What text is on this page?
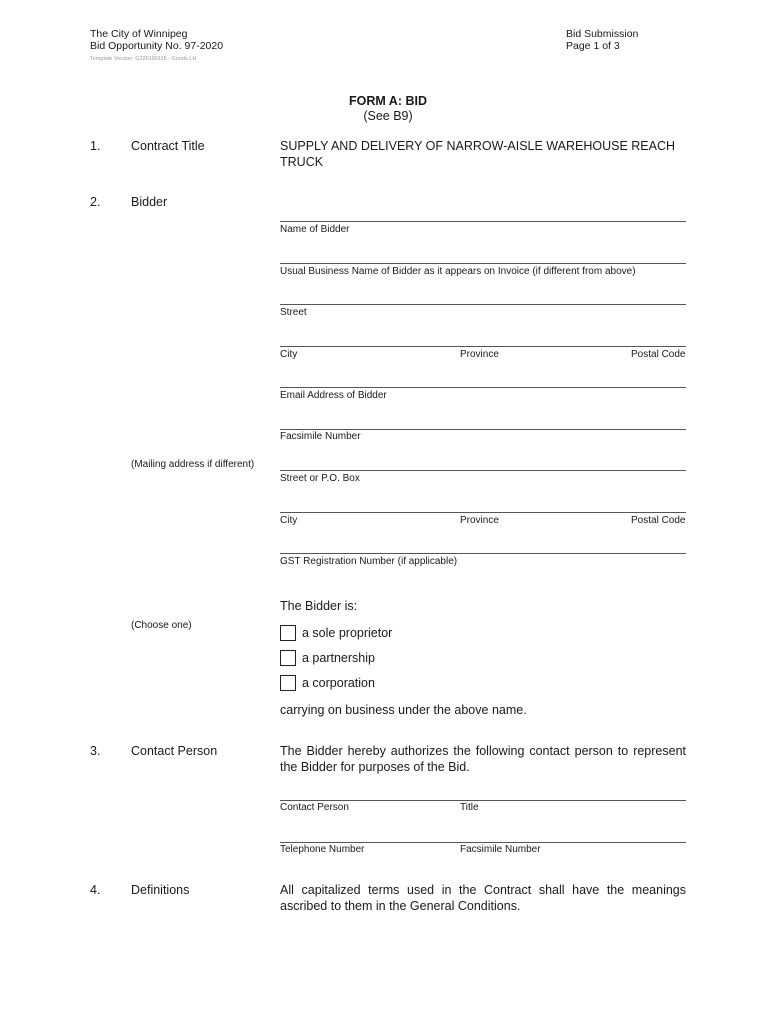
The City of Winnipeg
Bid Opportunity No. 97-2020
Template Version: G320190115 - Goods LH
Bid Submission
Page 1 of 3
FORM A: BID
(See B9)
1. Contract Title	SUPPLY AND DELIVERY OF NARROW-AISLE WAREHOUSE REACH TRUCK
2. Bidder
Name of Bidder
Usual Business Name of Bidder as it appears on Invoice (if different from above)
Street
City	Province	Postal Code
Email Address of Bidder
Facsimile Number
(Mailing address if different)
Street or P.O. Box
City	Province	Postal Code
GST Registration Number (if applicable)
The Bidder is:
(Choose one)
a sole proprietor
a partnership
a corporation
carrying on business under the above name.
3. Contact Person	The Bidder hereby authorizes the following contact person to represent the Bidder for purposes of the Bid.
Contact Person	Title
Telephone Number	Facsimile Number
4. Definitions	All capitalized terms used in the Contract shall have the meanings ascribed to them in the General Conditions.
